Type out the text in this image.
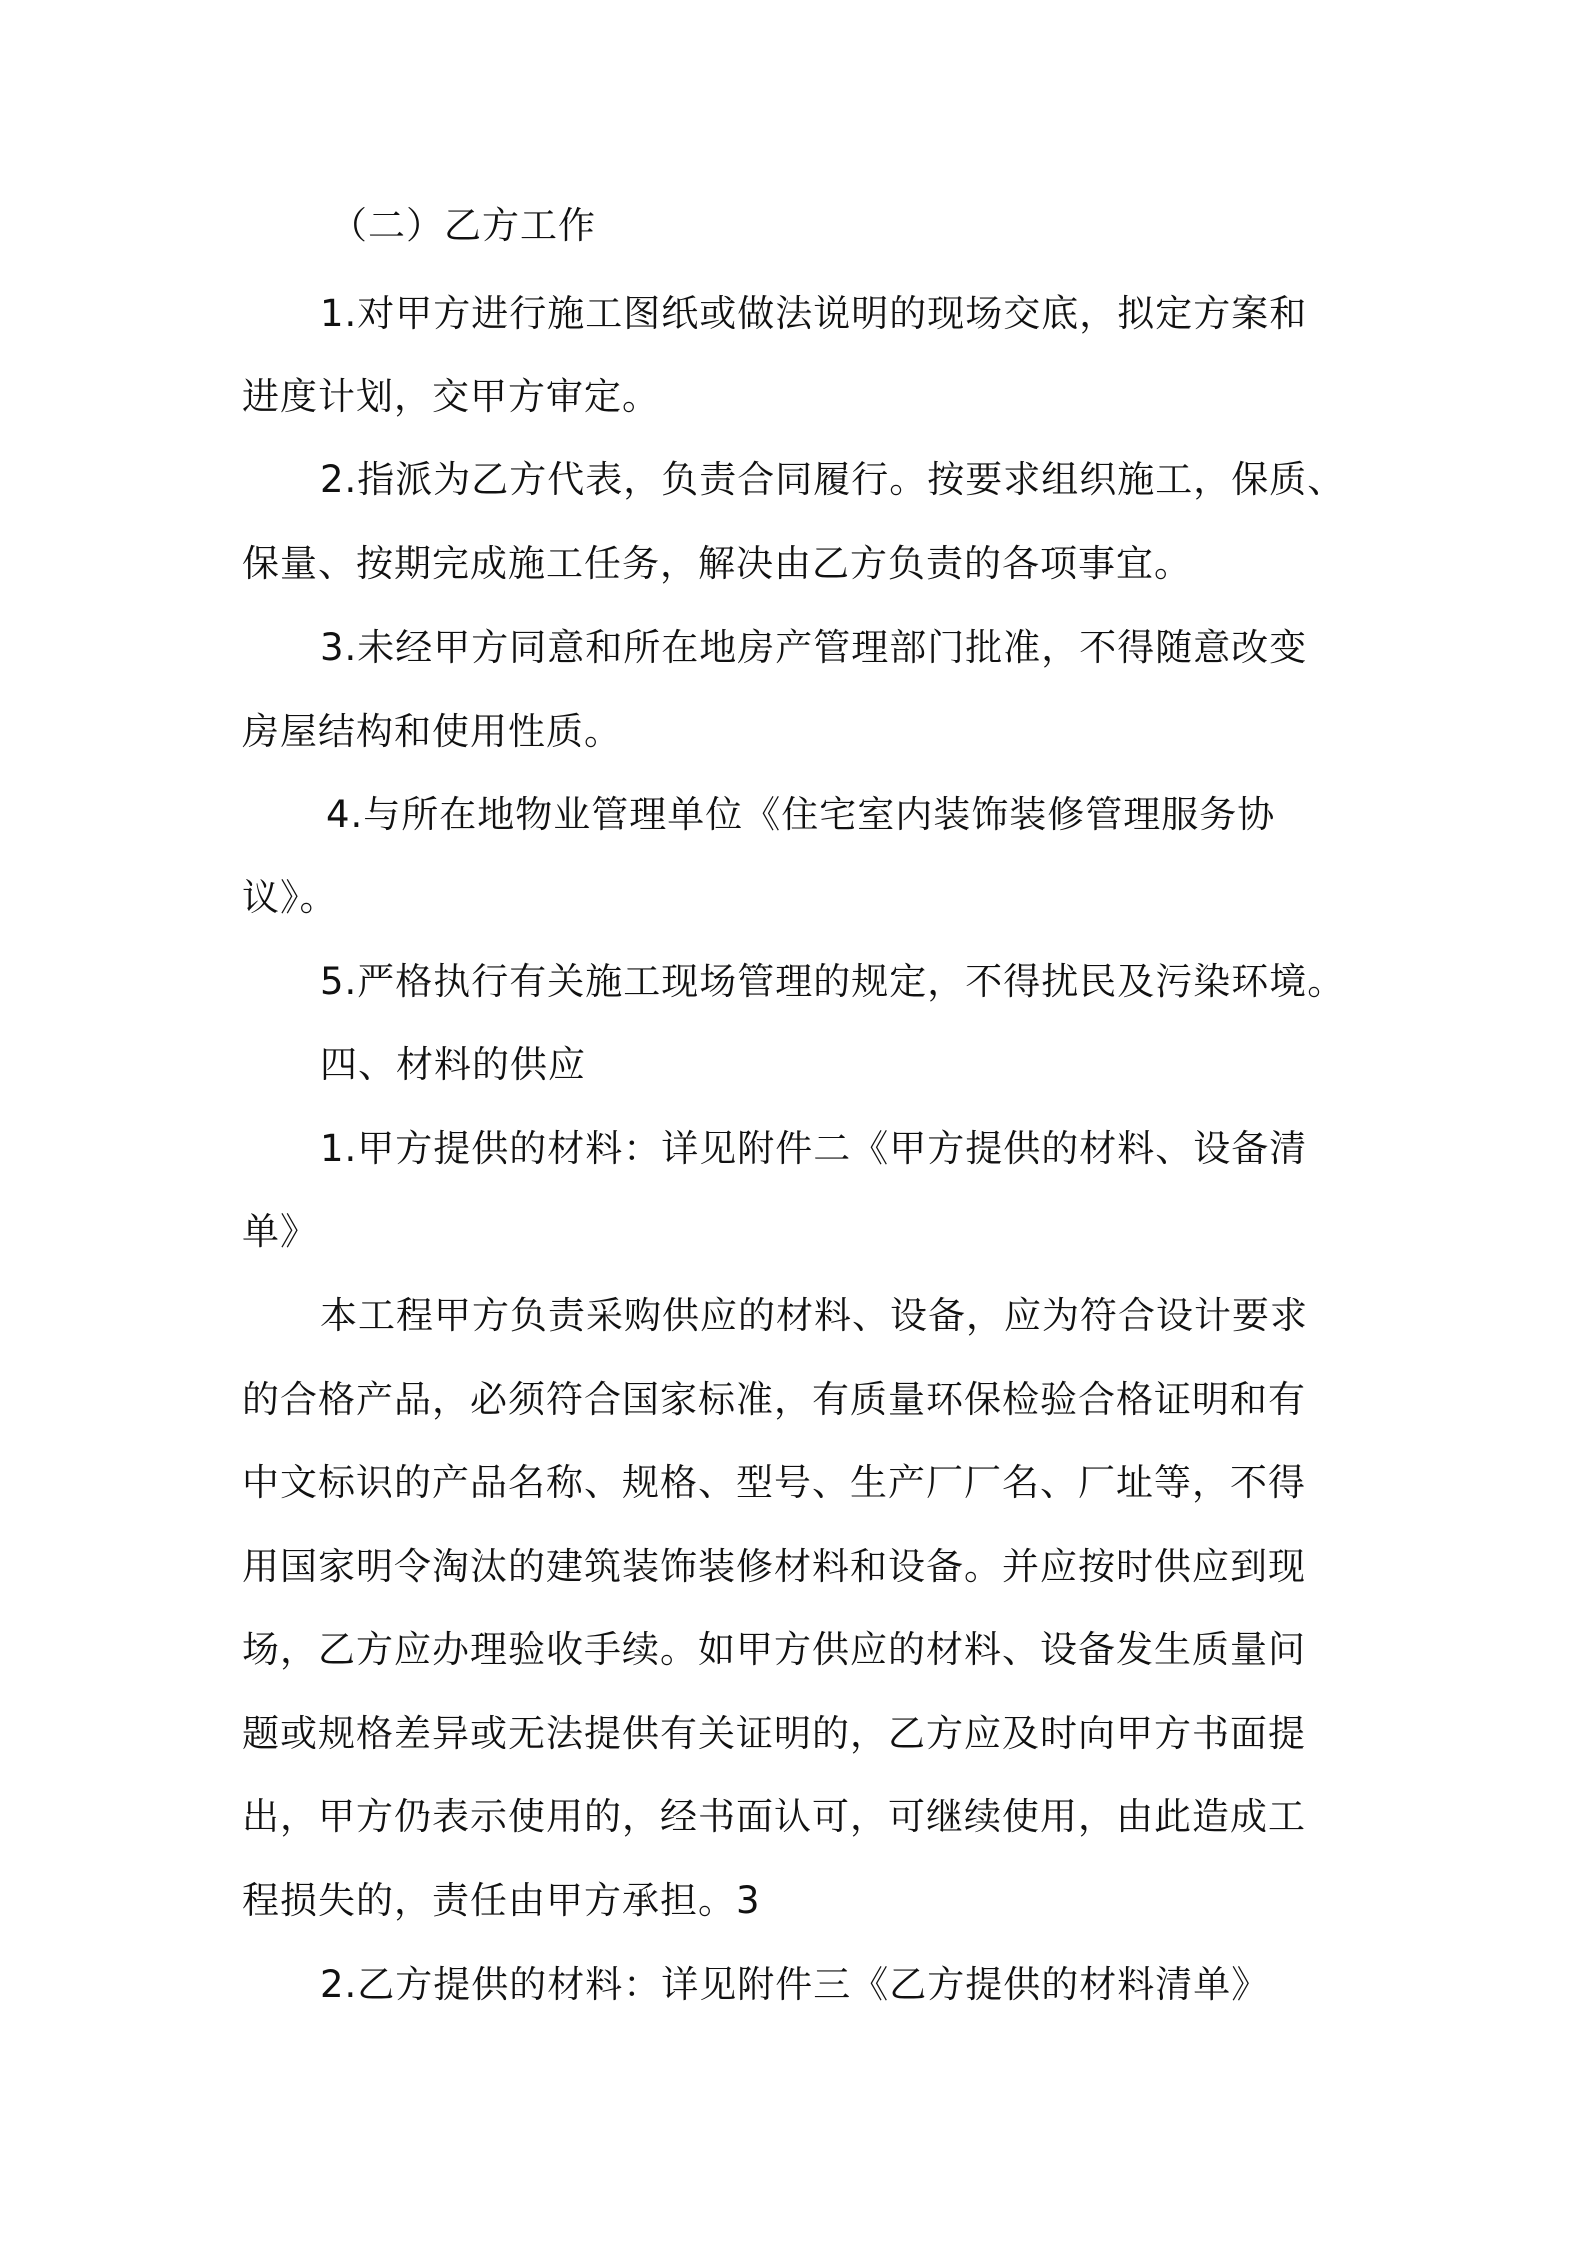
（二）乙方工作
1.对甲方进行施工图纸或做法说明的现场交底，拟定方案和
进度计划，交甲方审定。
2.指派为乙方代表，负责合同履行。按要求组织施工，保质、
保量、按期完成施工任务，解决由乙方负责的各项事宜。
3.未经甲方同意和所在地房产管理部门批准，不得随意改变
房屋结构和使用性质。
4.与所在地物业管理单位《住宅室内装饰装修管理服务协
议》。
5.严格执行有关施工现场管理的规定，不得扰民及污染环境。
四、材料的供应
1.甲方提供的材料：详见附件二《甲方提供的材料、设备清
单》
本工程甲方负责采购供应的材料、设备，应为符合设计要求
的合格产品，必须符合国家标准，有质量环保检验合格证明和有
中文标识的产品名称、规格、型号、生产厂厂名、厂址等，不得
用国家明令淘汰的建筑装饰装修材料和设备。并应按时供应到现
场，乙方应办理验收手续。如甲方供应的材料、设备发生质量问
题或规格差异或无法提供有关证明的，乙方应及时向甲方书面提
出，甲方仍表示使用的，经书面认可，可继续使用，由此造成工
程损失的，责任由甲方承担。3
2.乙方提供的材料：详见附件三《乙方提供的材料清单》
